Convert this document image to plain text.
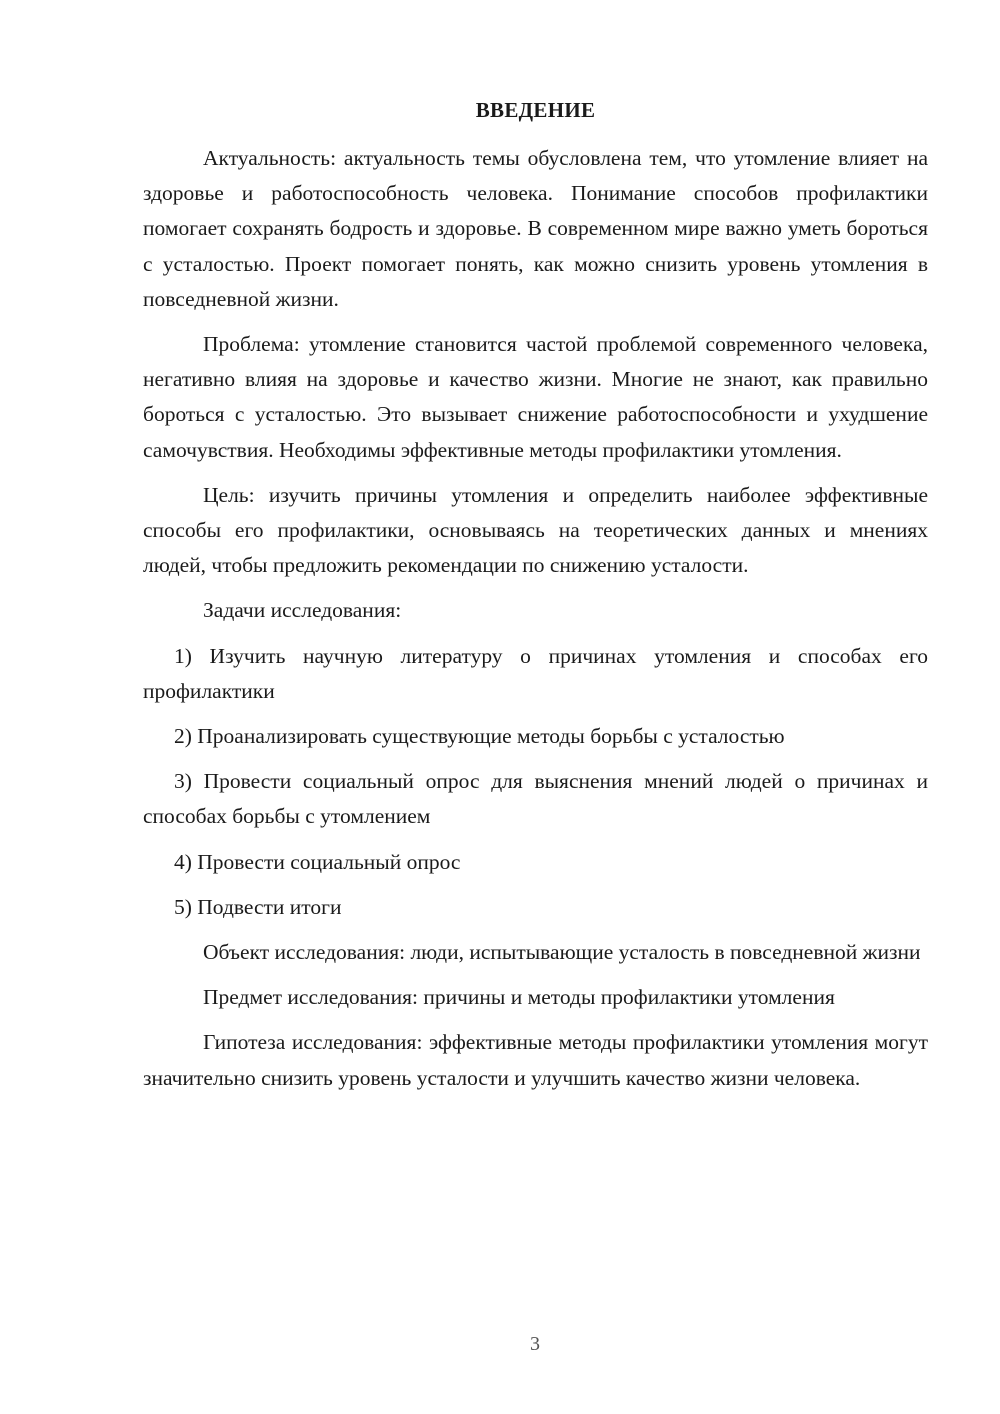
ВВЕДЕНИЕ

Актуальность: актуальность темы обусловлена тем, что утомление влияет на здоровье и работоспособность человека. Понимание способов профилактики помогает сохранять бодрость и здоровье. В современном мире важно уметь бороться с усталостью. Проект помогает понять, как можно снизить уровень утомления в повседневной жизни.

Проблема: утомление становится частой проблемой современного человека, негативно влияя на здоровье и качество жизни. Многие не знают, как правильно бороться с усталостью. Это вызывает снижение работоспособности и ухудшение самочувствия. Необходимы эффективные методы профилактики утомления.

Цель: изучить причины утомления и определить наиболее эффективные способы его профилактики, основываясь на теоретических данных и мнениях людей, чтобы предложить рекомендации по снижению усталости.

Задачи исследования:

1) Изучить научную литературу о причинах утомления и способах его профилактики

2) Проанализировать существующие методы борьбы с усталостью

3) Провести социальный опрос для выяснения мнений людей о причинах и способах борьбы с утомлением

4) Провести социальный опрос

5) Подвести итоги

Объект исследования: люди, испытывающие усталость в повседневной жизни

Предмет исследования: причины и методы профилактики утомления

Гипотеза исследования: эффективные методы профилактики утомления могут значительно снизить уровень усталости и улучшить качество жизни человека.

3
